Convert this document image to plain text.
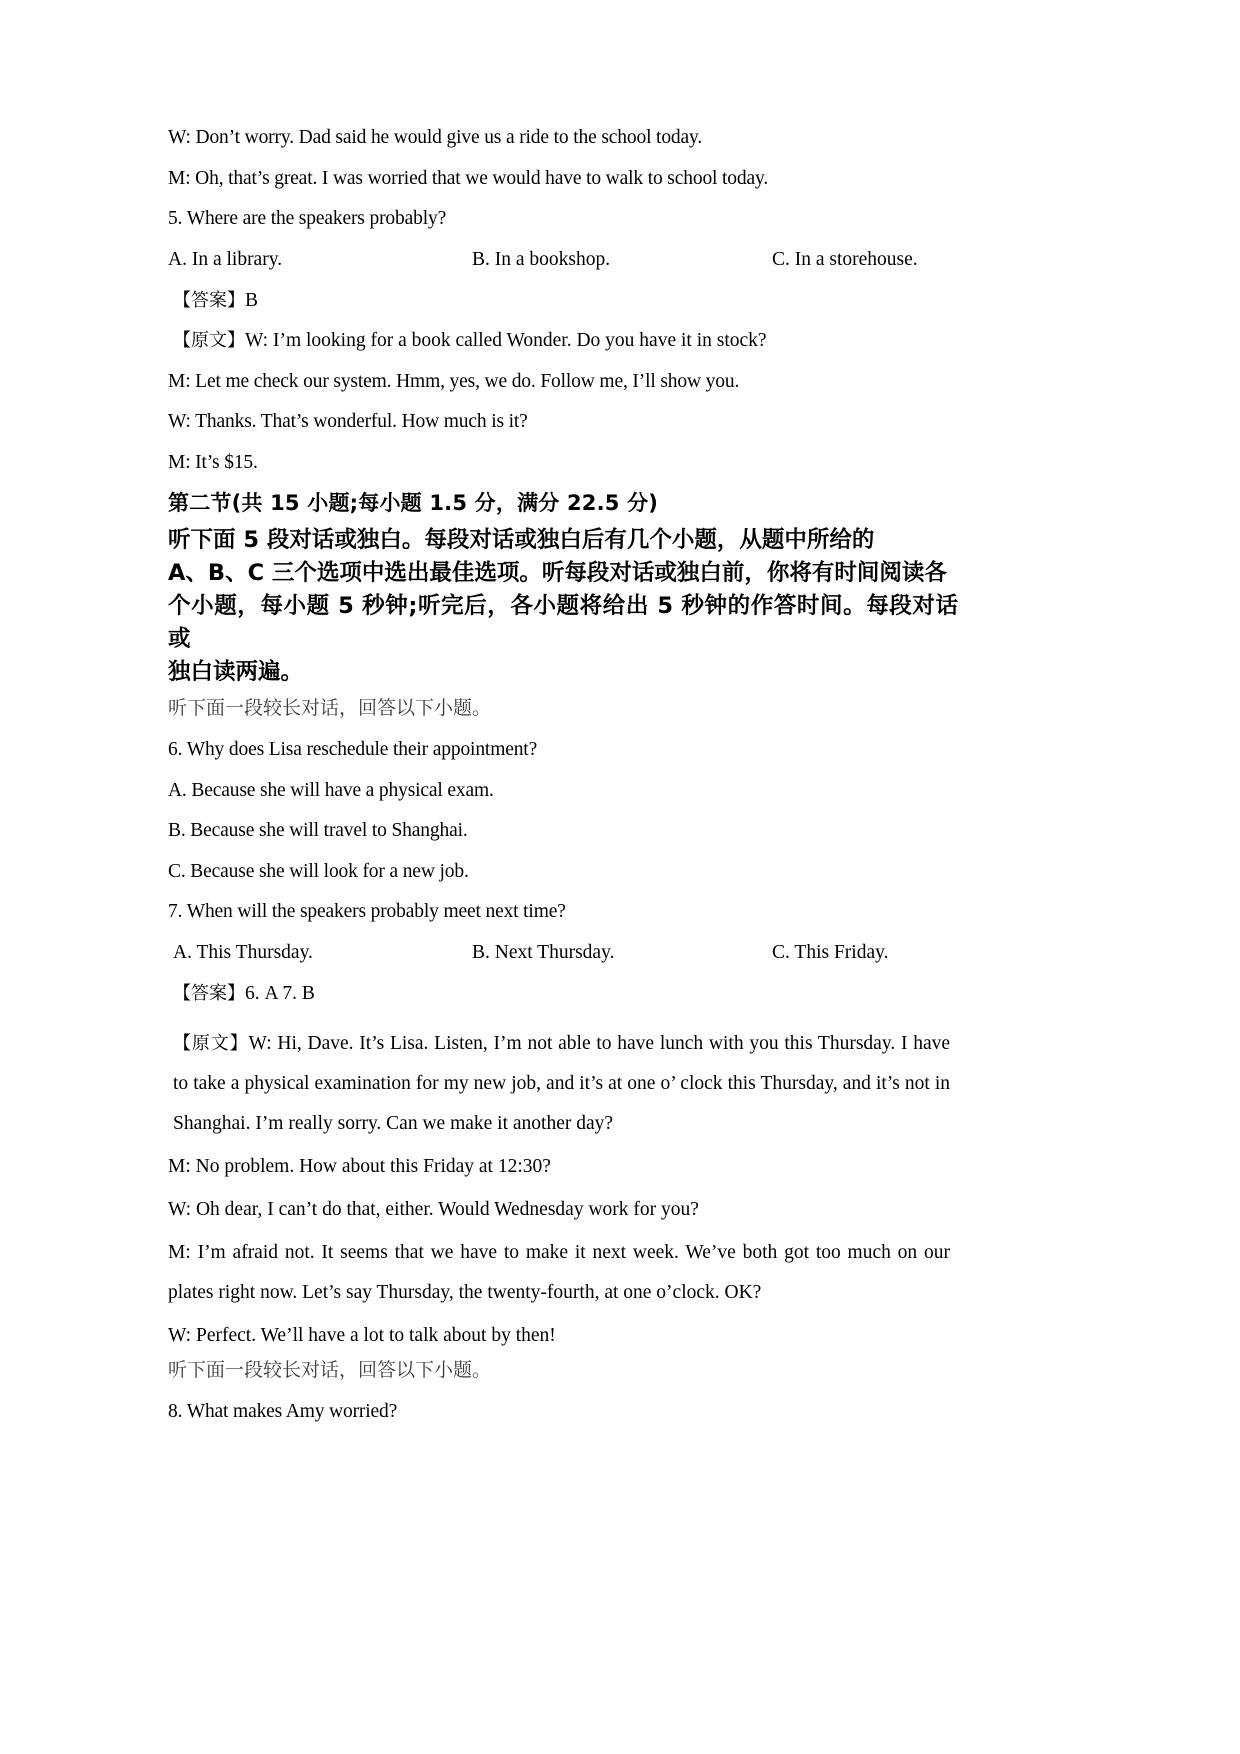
W: Don’t worry. Dad said he would give us a ride to the school today.
M: Oh, that’s great. I was worried that we would have to walk to school today.
5. Where are the speakers probably?
A. In a library.	B. In a bookshop.	C. In a storehouse.
【答案】B
【原文】W: I’m looking for a book called Wonder. Do you have it in stock?
M: Let me check our system. Hmm, yes, we do. Follow me, I’ll show you.
W: Thanks. That’s wonderful. How much is it?
M: It’s $15.
第二节(共 15 小题;每小题 1.5 分，满分 22.5 分)
听下面 5 段对话或独白。每段对话或独白后有几个小题，从题中所给的
A、B、C 三个选项中选出最佳选项。听每段对话或独白前，你将有时间阅读各
个小题，每小题 5 秒钟;听完后，各小题将给出 5 秒钟的作答时间。每段对话或
独白读两遍。
听下面一段较长对话，回答以下小题。
6. Why does Lisa reschedule their appointment?
A. Because she will have a physical exam.
B. Because she will travel to Shanghai.
C. Because she will look for a new job.
7. When will the speakers probably meet next time?
A. This Thursday.	B. Next Thursday.	C. This Friday.
【答案】6. A 7. B
【原文】W: Hi, Dave. It’s Lisa. Listen, I’m not able to have lunch with you this Thursday. I have to take a physical examination for my new job, and it’s at one o’ clock this Thursday, and it’s not in Shanghai. I’m really sorry. Can we make it another day?
M: No problem. How about this Friday at 12:30?
W: Oh dear, I can’t do that, either. Would Wednesday work for you?
M: I’m afraid not. It seems that we have to make it next week. We’ve both got too much on our plates right now. Let’s say Thursday, the twenty-fourth, at one o’clock. OK?
W: Perfect. We’ll have a lot to talk about by then!
听下面一段较长对话，回答以下小题。
8. What makes Amy worried?
